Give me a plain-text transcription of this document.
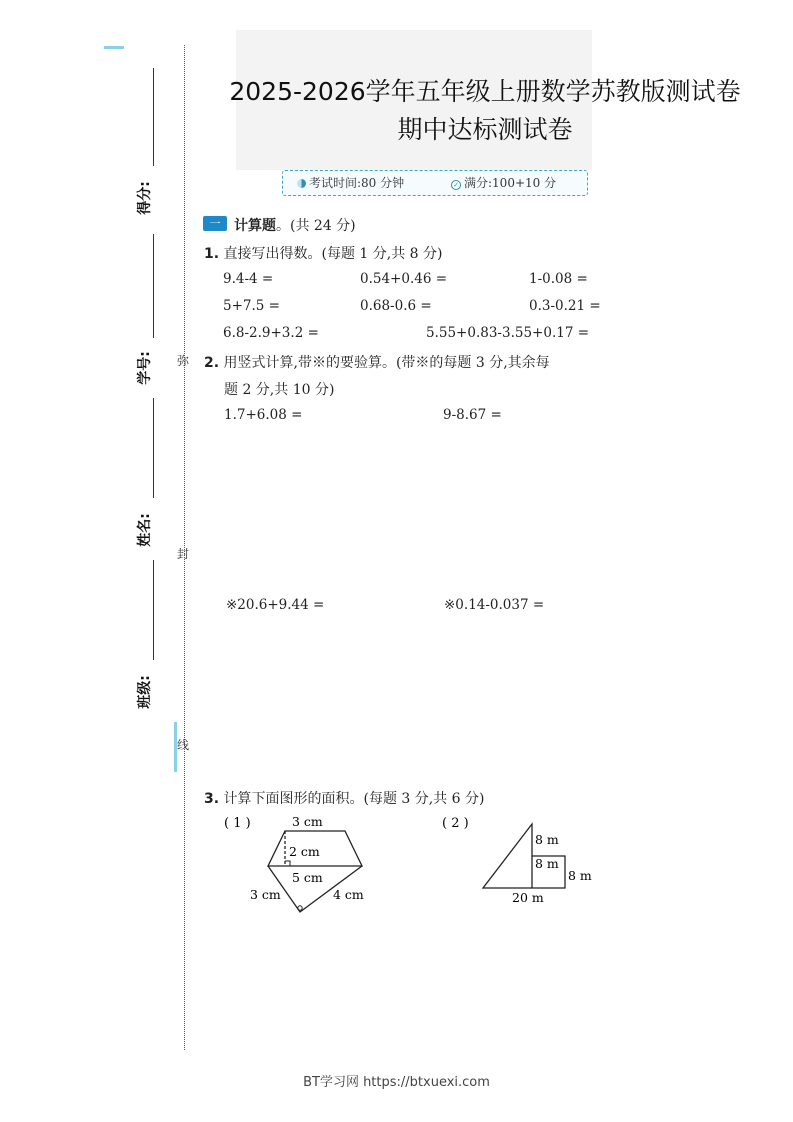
2025-2026学年五年级上册数学苏教版测试卷
期中达标测试卷
考试时间:80 分钟	✓ 满分:100+10 分
弥
封
线
得分:
学号:
姓名:
班级:
一 计算题。(共 24 分)
1. 直接写出得数。(每题 1 分,共 8 分)
9.4-4 =	0.54+0.46 =	1-0.08 =
5+7.5 =	0.68-0.6 =	0.3-0.21 =
6.8-2.9+3.2 =	5.55+0.83-3.55+0.17 =
2. 用竖式计算,带※的要验算。(带※的每题 3 分,其余每
题 2 分,共 10 分)
1.7+6.08 =	9-8.67 =
※20.6+9.44 =	※0.14-0.037 =
3. 计算下面图形的面积。(每题 3 分,共 6 分)
( 1 )	3 cm
2 cm
5 cm
3 cm	4 cm
( 2 )
8 m
8 m
8 m
20 m
BT学习网 https://btxuexi.com
